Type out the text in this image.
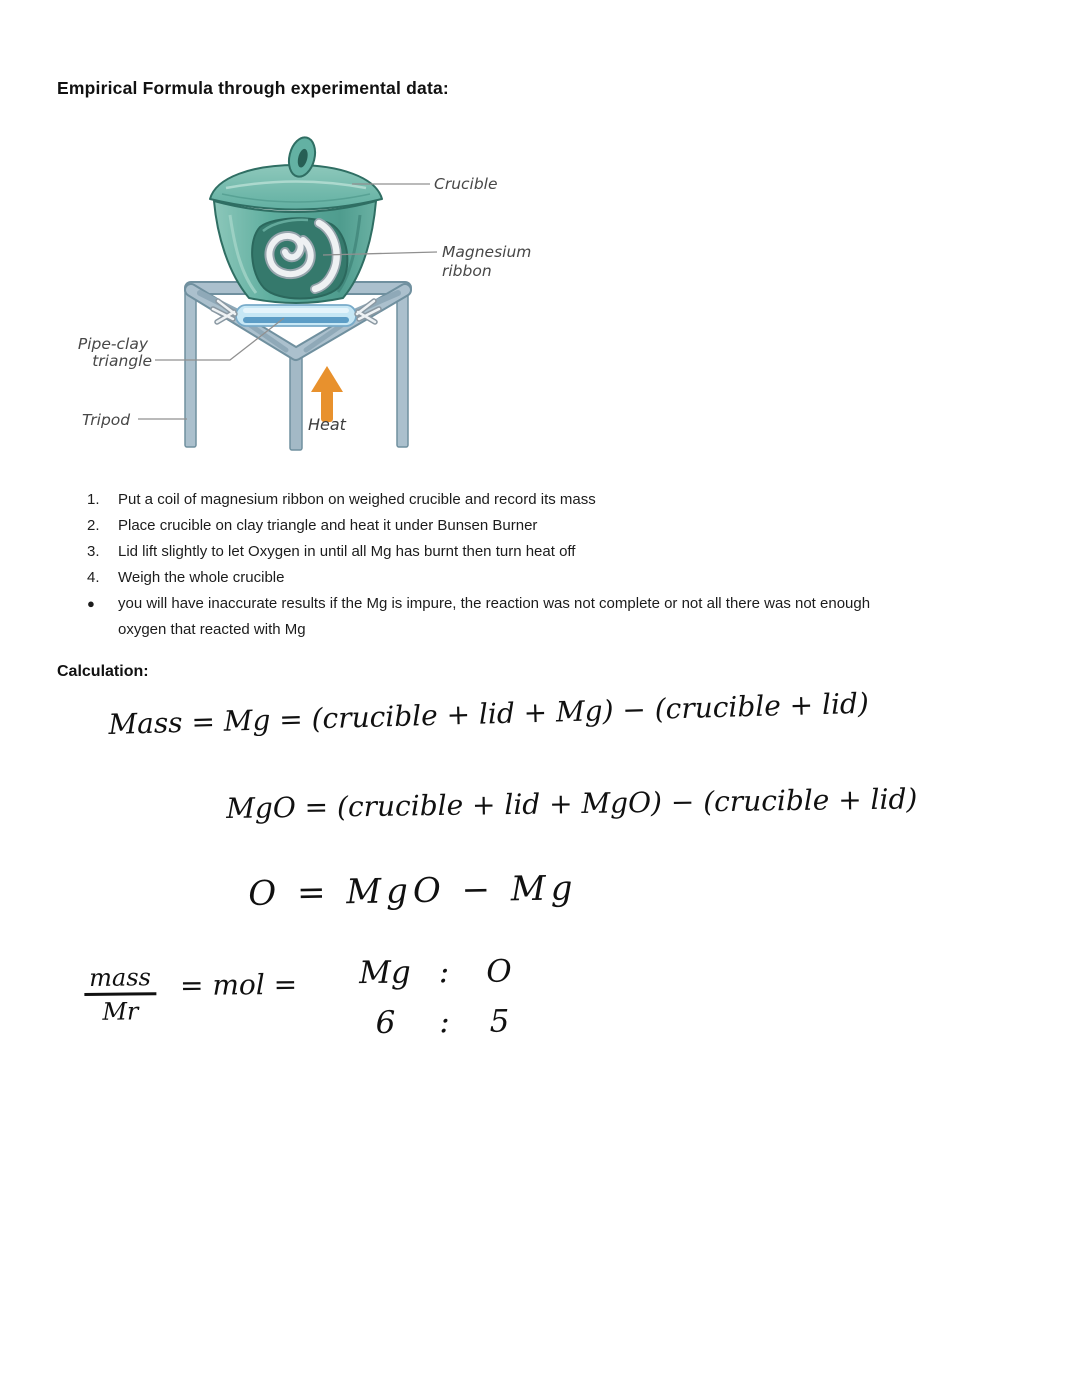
Empirical Formula through experimental data:
Crucible
Magnesium
ribbon
Pipe-clay
triangle
Tripod	Heat
1.	Put a coil of magnesium ribbon on weighed crucible and record its mass
2.	Place crucible on clay triangle and heat it under Bunsen Burner
3.	Lid lift slightly to let Oxygen in until all Mg has burnt then turn heat off
4.	Weigh the whole crucible
●	you will have inaccurate results if the Mg is impure, the reaction was not complete or not all there was not enough oxygen that reacted with Mg
Calculation:
Mass = Mg = (crucible + lid + Mg) − (crucible + lid)
MgO = (crucible + lid + MgO) − (crucible + lid)
O = MgO − Mg
$\frac{\text{mass}}{Mr}$ = mol =	Mg :	O
6	:	5
